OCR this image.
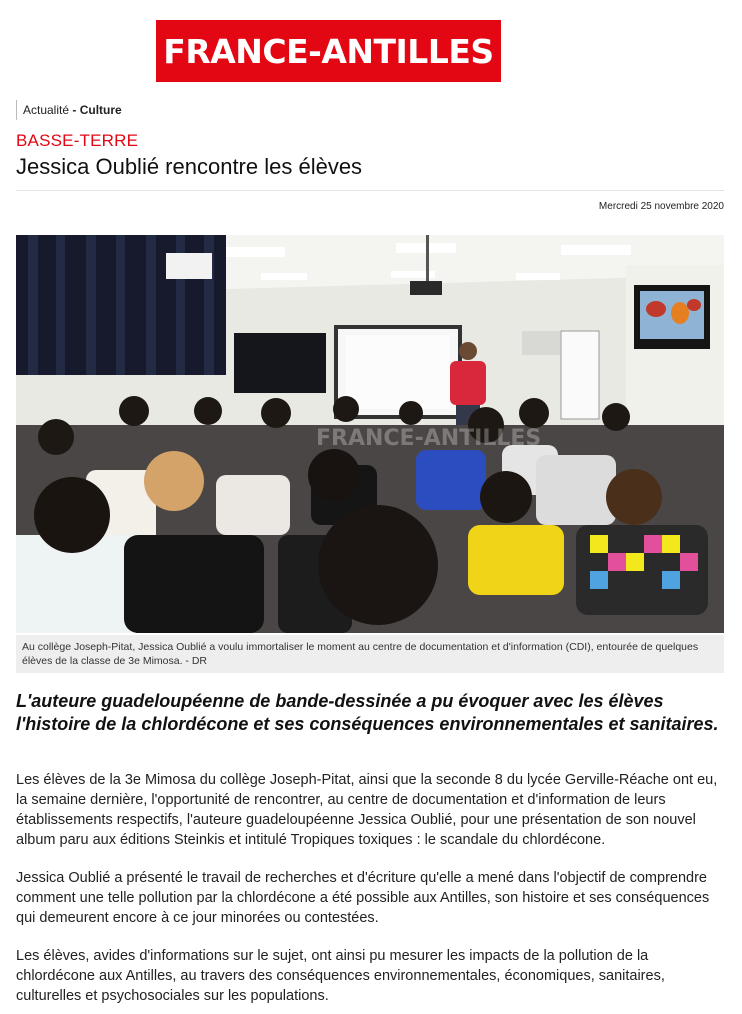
FRANCE-ANTILLES
Actualité - Culture
BASSE-TERRE
Jessica Oublié rencontre les élèves
Mercredi 25 novembre 2020
FRANCE-ANTILLES
Au collège Joseph-Pitat, Jessica Oublié a voulu immortaliser le moment au centre de documentation et d'information (CDI), entourée de quelques élèves de la classe de 3e Mimosa. - DR

L'auteure guadeloupéenne de bande-dessinée a pu évoquer avec les élèves l'histoire de la chlordécone et ses conséquences environnementales et sanitaires.

Les élèves de la 3e Mimosa du collège Joseph-Pitat, ainsi que la seconde 8 du lycée Gerville-Réache ont eu, la semaine dernière, l'opportunité de rencontrer, au centre de documentation et d'information de leurs établissements respectifs, l'auteure guadeloupéenne Jessica Oublié, pour une présentation de son nouvel album paru aux éditions Steinkis et intitulé Tropiques toxiques : le scandale du chlordécone.

Jessica Oublié a présenté le travail de recherches et d'écriture qu'elle a mené dans l'objectif de comprendre comment une telle pollution par la chlordécone a été possible aux Antilles, son histoire et ses conséquences qui demeurent encore à ce jour minorées ou contestées.

Les élèves, avides d'informations sur le sujet, ont ainsi pu mesurer les impacts de la pollution de la chlordécone aux Antilles, au travers des conséquences environnementales, économiques, sanitaires, culturelles et psychosociales sur les populations.
